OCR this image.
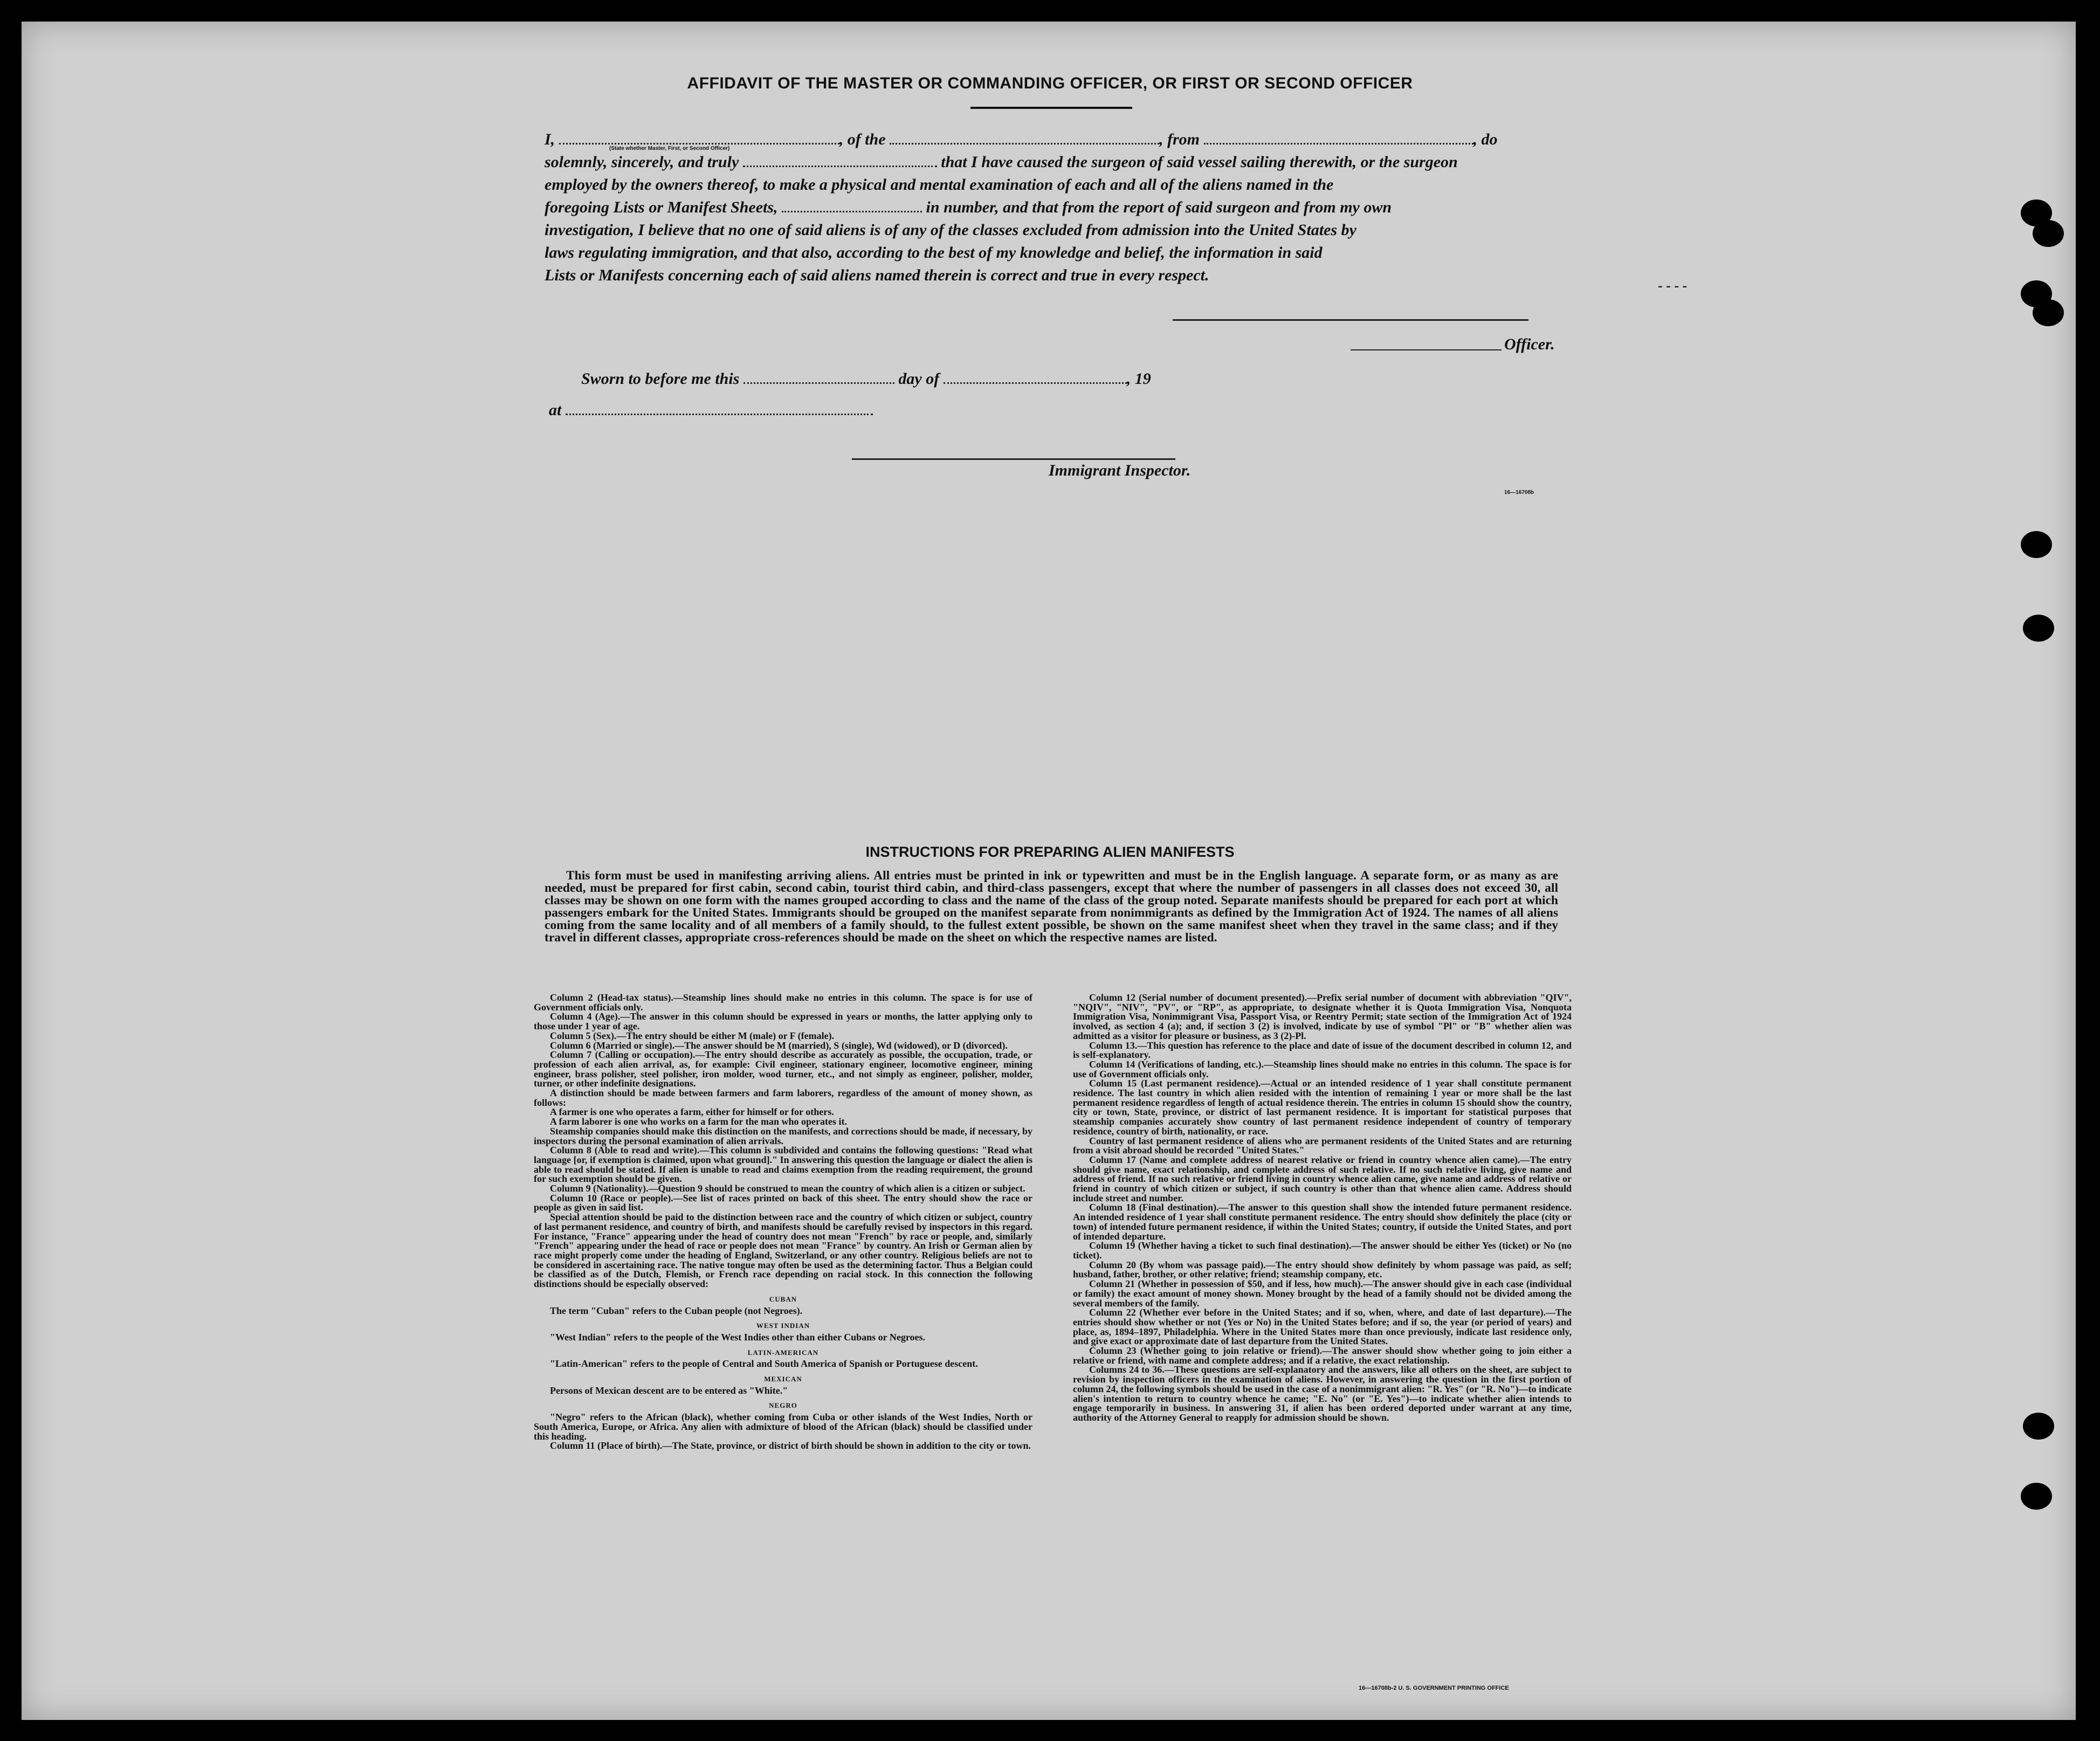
AFFIDAVIT OF THE MASTER OR COMMANDING OFFICER, OR FIRST OR SECOND OFFICER
I,	, of the	, from	, do
(State whether Master, First, or Second Officer)
solemnly, sincerely, and truly	that I have caused the surgeon of said vessel sailing therewith, or the surgeon
employed by the owners thereof, to make a physical and mental examination of each and all of the aliens named in the
foregoing Lists or Manifest Sheets,	in number, and that from the report of said surgeon and from my own
investigation, I believe that no one of said aliens is of any of the classes excluded from admission into the United States by
laws regulating immigration, and that also, according to the best of my knowledge and belief, the information in said
Lists or Manifests concerning each of said aliens named therein is correct and true in every respect.
- - - -
Officer.
Sworn to before me this	day of	, 19
at
Immigrant Inspector.
16—16708b
INSTRUCTIONS FOR PREPARING ALIEN MANIFESTS
This form must be used in manifesting arriving aliens. All entries must be printed in ink or typewritten and must be in the English language. A separate form, or as many as are needed, must be prepared for first cabin, second cabin, tourist third cabin, and third-class passengers, except that where the number of passengers in all classes does not exceed 30, all classes may be shown on one form with the names grouped according to class and the name of the class of the group noted. Separate manifests should be prepared for each port at which passengers embark for the United States. Immigrants should be grouped on the manifest separate from nonimmigrants as defined by the Immigration Act of 1924. The names of all aliens coming from the same locality and of all members of a family should, to the fullest extent possible, be shown on the same manifest sheet when they travel in the same class; and if they travel in different classes, appropriate cross-references should be made on the sheet on which the respective names are listed.

Column 2 (Head-tax status).—Steamship lines should make no entries in this column. The space is for use of Government officials only.

Column 4 (Age).—The answer in this column should be expressed in years or months, the latter applying only to those under 1 year of age.

Column 5 (Sex).—The entry should be either M (male) or F (female).

Column 6 (Married or single).—The answer should be M (married), S (single), Wd (widowed), or D (divorced).

Column 7 (Calling or occupation).—The entry should describe as accurately as possible, the occupation, trade, or profession of each alien arrival, as, for example: Civil engineer, stationary engineer, locomotive engineer, mining engineer, brass polisher, steel polisher, iron molder, wood turner, etc., and not simply as engineer, polisher, molder, turner, or other indefinite designations.

A distinction should be made between farmers and farm laborers, regardless of the amount of money shown, as follows:

A farmer is one who operates a farm, either for himself or for others.

A farm laborer is one who works on a farm for the man who operates it.

Steamship companies should make this distinction on the manifests, and corrections should be made, if necessary, by inspectors during the personal examination of alien arrivals.

Column 8 (Able to read and write).—This column is subdivided and contains the following questions: "Read what language [or, if exemption is claimed, upon what ground]." In answering this question the language or dialect the alien is able to read should be stated. If alien is unable to read and claims exemption from the reading requirement, the ground for such exemption should be given.

Column 9 (Nationality).—Question 9 should be construed to mean the country of which alien is a citizen or subject.

Column 10 (Race or people).—See list of races printed on back of this sheet. The entry should show the race or people as given in said list.

Special attention should be paid to the distinction between race and the country of which citizen or subject, country of last permanent residence, and country of birth, and manifests should be carefully revised by inspectors in this regard. For instance, "France" appearing under the head of country does not mean "French" by race or people, and, similarly "French" appearing under the head of race or people does not mean "France" by country. An Irish or German alien by race might properly come under the heading of England, Switzerland, or any other country. Religious beliefs are not to be considered in ascertaining race. The native tongue may often be used as the determining factor. Thus a Belgian could be classified as of the Dutch, Flemish, or French race depending on racial stock. In this connection the following distinctions should be especially observed:

CUBAN

The term "Cuban" refers to the Cuban people (not Negroes).

WEST INDIAN

"West Indian" refers to the people of the West Indies other than either Cubans or Negroes.

LATIN-AMERICAN

"Latin-American" refers to the people of Central and South America of Spanish or Portuguese descent.

MEXICAN

Persons of Mexican descent are to be entered as "White."

NEGRO

"Negro" refers to the African (black), whether coming from Cuba or other islands of the West Indies, North or South America, Europe, or Africa. Any alien with admixture of blood of the African (black) should be classified under this heading.

Column 11 (Place of birth).—The State, province, or district of birth should be shown in addition to the city or town.

Column 12 (Serial number of document presented).—Prefix serial number of document with abbreviation "QIV", "NQIV", "NIV", "PV", or "RP", as appropriate, to designate whether it is Quota Immigration Visa, Nonquota Immigration Visa, Nonimmigrant Visa, Passport Visa, or Reentry Permit; state section of the Immigration Act of 1924 involved, as section 4 (a); and, if section 3 (2) is involved, indicate by use of symbol "Pl" or "B" whether alien was admitted as a visitor for pleasure or business, as 3 (2)-Pl.

Column 13.—This question has reference to the place and date of issue of the document described in column 12, and is self-explanatory.

Column 14 (Verifications of landing, etc.).—Steamship lines should make no entries in this column. The space is for use of Government officials only.

Column 15 (Last permanent residence).—Actual or an intended residence of 1 year shall constitute permanent residence. The last country in which alien resided with the intention of remaining 1 year or more shall be the last permanent residence regardless of length of actual residence therein. The entries in column 15 should show the country, city or town, State, province, or district of last permanent residence. It is important for statistical purposes that steamship companies accurately show country of last permanent residence independent of country of temporary residence, country of birth, nationality, or race.

Country of last permanent residence of aliens who are permanent residents of the United States and are returning from a visit abroad should be recorded "United States."

Column 17 (Name and complete address of nearest relative or friend in country whence alien came).—The entry should give name, exact relationship, and complete address of such relative. If no such relative living, give name and address of friend. If no such relative or friend living in country whence alien came, give name and address of relative or friend in country of which citizen or subject, if such country is other than that whence alien came. Address should include street and number.

Column 18 (Final destination).—The answer to this question shall show the intended future permanent residence. An intended residence of 1 year shall constitute permanent residence. The entry should show definitely the place (city or town) of intended future permanent residence, if within the United States; country, if outside the United States, and port of intended departure.

Column 19 (Whether having a ticket to such final destination).—The answer should be either Yes (ticket) or No (no ticket).

Column 20 (By whom was passage paid).—The entry should show definitely by whom passage was paid, as self; husband, father, brother, or other relative; friend; steamship company, etc.

Column 21 (Whether in possession of $50, and if less, how much).—The answer should give in each case (individual or family) the exact amount of money shown. Money brought by the head of a family should not be divided among the several members of the family.

Column 22 (Whether ever before in the United States; and if so, when, where, and date of last departure).—The entries should show whether or not (Yes or No) in the United States before; and if so, the year (or period of years) and place, as, 1894–1897, Philadelphia. Where in the United States more than once previously, indicate last residence only, and give exact or approximate date of last departure from the United States.

Column 23 (Whether going to join relative or friend).—The answer should show whether going to join either a relative or friend, with name and complete address; and if a relative, the exact relationship.

Columns 24 to 36.—These questions are self-explanatory and the answers, like all others on the sheet, are subject to revision by inspection officers in the examination of aliens. However, in answering the question in the first portion of column 24, the following symbols should be used in the case of a nonimmigrant alien: "R. Yes" (or "R. No")—to indicate alien's intention to return to country whence he came; "E. No" (or "E. Yes")—to indicate whether alien intends to engage temporarily in business. In answering 31, if alien has been ordered deported under warrant at any time, authority of the Attorney General to reapply for admission should be shown.

16—16708b-2 U. S. GOVERNMENT PRINTING OFFICE
